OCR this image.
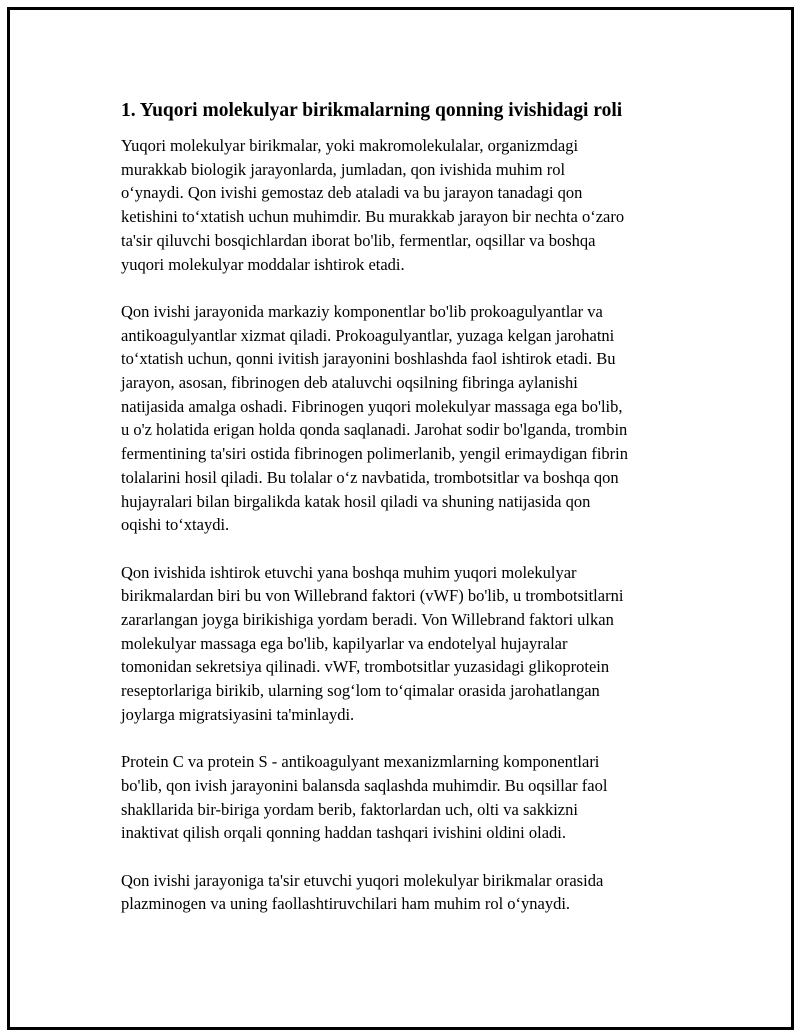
1. Yuqori molekulyar birikmalarning qonning ivishidagi roli

Yuqori molekulyar birikmalar, yoki makromolekulalar, organizmdagi
murakkab biologik jarayonlarda, jumladan, qon ivishida muhim rol
o‘ynaydi. Qon ivishi gemostaz deb ataladi va bu jarayon tanadagi qon
ketishini to‘xtatish uchun muhimdir. Bu murakkab jarayon bir nechta o‘zaro
ta'sir qiluvchi bosqichlardan iborat bo'lib, fermentlar, oqsillar va boshqa
yuqori molekulyar moddalar ishtirok etadi.

Qon ivishi jarayonida markaziy komponentlar bo'lib prokoagulyantlar va
antikoagulyantlar xizmat qiladi. Prokoagulyantlar, yuzaga kelgan jarohatni
to‘xtatish uchun, qonni ivitish jarayonini boshlashda faol ishtirok etadi. Bu
jarayon, asosan, fibrinogen deb ataluvchi oqsilning fibringa aylanishi
natijasida amalga oshadi. Fibrinogen yuqori molekulyar massaga ega bo'lib,
u o'z holatida erigan holda qonda saqlanadi. Jarohat sodir bo'lganda, trombin
fermentining ta'siri ostida fibrinogen polimerlanib, yengil erimaydigan fibrin
tolalarini hosil qiladi. Bu tolalar o‘z navbatida, trombotsitlar va boshqa qon
hujayralari bilan birgalikda katak hosil qiladi va shuning natijasida qon
oqishi to‘xtaydi.

Qon ivishida ishtirok etuvchi yana boshqa muhim yuqori molekulyar
birikmalardan biri bu von Willebrand faktori (vWF) bo'lib, u trombotsitlarni
zararlangan joyga birikishiga yordam beradi. Von Willebrand faktori ulkan
molekulyar massaga ega bo'lib, kapilyarlar va endotelyal hujayralar
tomonidan sekretsiya qilinadi. vWF, trombotsitlar yuzasidagi glikoprotein
reseptorlariga birikib, ularning sog‘lom to‘qimalar orasida jarohatlangan
joylarga migratsiyasini ta'minlaydi.

Protein C va protein S - antikoagulyant mexanizmlarning komponentlari
bo'lib, qon ivish jarayonini balansda saqlashda muhimdir. Bu oqsillar faol
shakllarida bir-biriga yordam berib, faktorlardan uch, olti va sakkizni
inaktivat qilish orqali qonning haddan tashqari ivishini oldini oladi.

Qon ivishi jarayoniga ta'sir etuvchi yuqori molekulyar birikmalar orasida
plazminogen va uning faollashtiruvchilari ham muhim rol o‘ynaydi.
